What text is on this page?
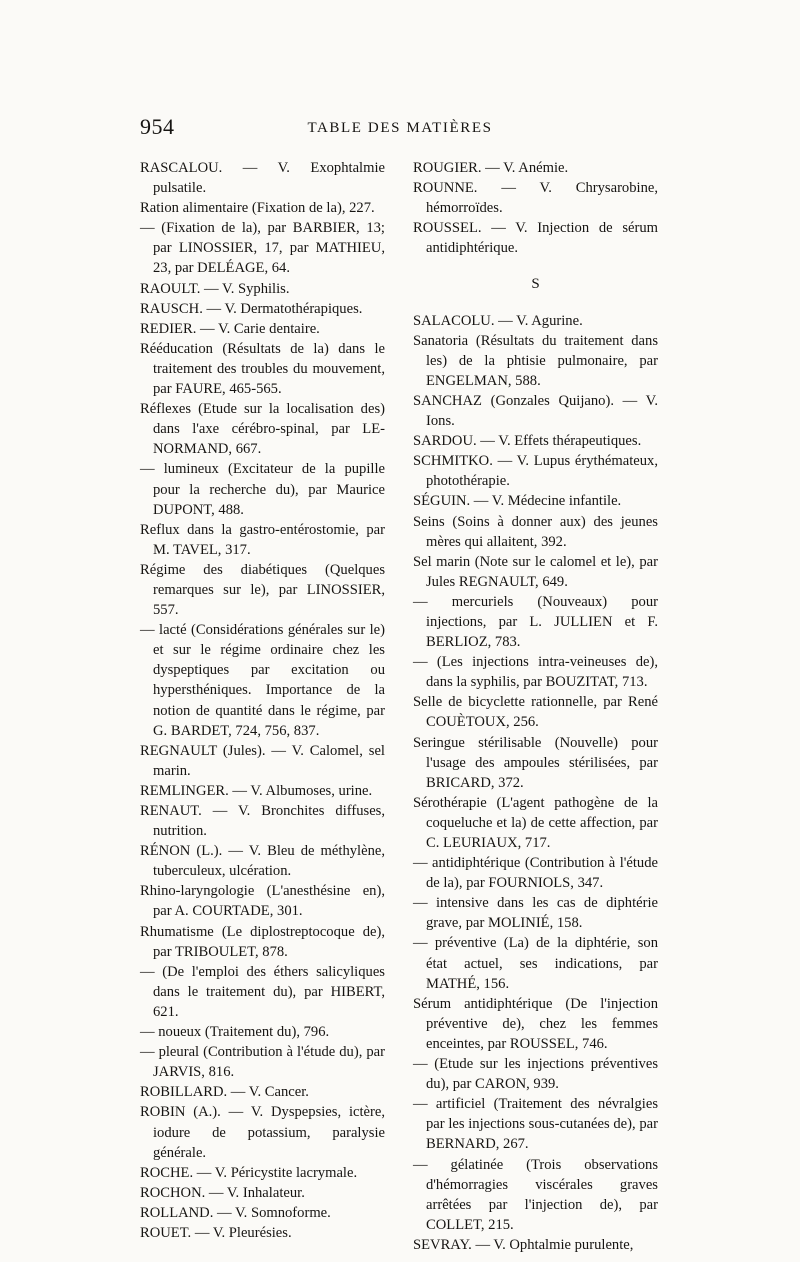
954	TABLE DES MATIÈRES

RASCALOU. — V. Exophtalmie pulsatile.

Ration alimentaire (Fixation de la), 227.

— (Fixation de la), par BARBIER, 13; par LINOSSIER, 17, par MATHIEU, 23, par DELÉAGE, 64.

RAOULT. — V. Syphilis.

RAUSCH. — V. Dermatothérapiques.

REDIER. — V. Carie dentaire.

Rééducation (Résultats de la) dans le traitement des troubles du mouvement, par FAURE, 465-565.

Réflexes (Etude sur la localisation des) dans l'axe cérébro-spinal, par LE-NORMAND, 667.

— lumineux (Excitateur de la pupille pour la recherche du), par Maurice DUPONT, 488.

Reflux dans la gastro-entérostomie, par M. TAVEL, 317.

Régime des diabétiques (Quelques remarques sur le), par LINOSSIER, 557.

— lacté (Considérations générales sur le) et sur le régime ordinaire chez les dyspeptiques par excitation ou hypersthéniques. Importance de la notion de quantité dans le régime, par G. BARDET, 724, 756, 837.

REGNAULT (Jules). — V. Calomel, sel marin.

REMLINGER. — V. Albumoses, urine.

RENAUT. — V. Bronchites diffuses, nutrition.

RÉNON (L.). — V. Bleu de méthylène, tuberculeux, ulcération.

Rhino-laryngologie (L'anesthésine en), par A. COURTADE, 301.

Rhumatisme (Le diplostreptocoque de), par TRIBOULET, 878.

— (De l'emploi des éthers salicyliques dans le traitement du), par HIBERT, 621.

— noueux (Traitement du), 796.

— pleural (Contribution à l'étude du), par JARVIS, 816.

ROBILLARD. — V. Cancer.

ROBIN (A.). — V. Dyspepsies, ictère, iodure de potassium, paralysie générale.

ROCHE. — V. Péricystite lacrymale.

ROCHON. — V. Inhalateur.

ROLLAND. — V. Somnoforme.

ROUET. — V. Pleurésies.

ROUGIER. — V. Anémie.

ROUNNE. — V. Chrysarobine, hémorroïdes.

ROUSSEL. — V. Injection de sérum antidiphtérique.

S

SALACOLU. — V. Agurine.

Sanatoria (Résultats du traitement dans les) de la phtisie pulmonaire, par ENGELMAN, 588.

SANCHAZ (Gonzales Quijano). — V. Ions.

SARDOU. — V. Effets thérapeutiques.

SCHMITKO. — V. Lupus érythémateux, photothérapie.

SÉGUIN. — V. Médecine infantile.

Seins (Soins à donner aux) des jeunes mères qui allaitent, 392.

Sel marin (Note sur le calomel et le), par Jules REGNAULT, 649.

— mercuriels (Nouveaux) pour injections, par L. JULLIEN et F. BERLIOZ, 783.

— (Les injections intra-veineuses de), dans la syphilis, par BOUZITAT, 713.

Selle de bicyclette rationnelle, par René COUÈTOUX, 256.

Seringue stérilisable (Nouvelle) pour l'usage des ampoules stérilisées, par BRICARD, 372.

Sérothérapie (L'agent pathogène de la coqueluche et la) de cette affection, par C. LEURIAUX, 717.

— antidiphtérique (Contribution à l'étude de la), par FOURNIOLS, 347.

— intensive dans les cas de diphtérie grave, par MOLINIÉ, 158.

— préventive (La) de la diphtérie, son état actuel, ses indications, par MATHÉ, 156.

Sérum antidiphtérique (De l'injection préventive de), chez les femmes enceintes, par ROUSSEL, 746.

— (Etude sur les injections préventives du), par CARON, 939.

— artificiel (Traitement des névralgies par les injections sous-cutanées de), par BERNARD, 267.

— gélatinée (Trois observations d'hémorragies viscérales graves arrêtées par l'injection de), par COLLET, 215.

SEVRAY. — V. Ophtalmie purulente,
